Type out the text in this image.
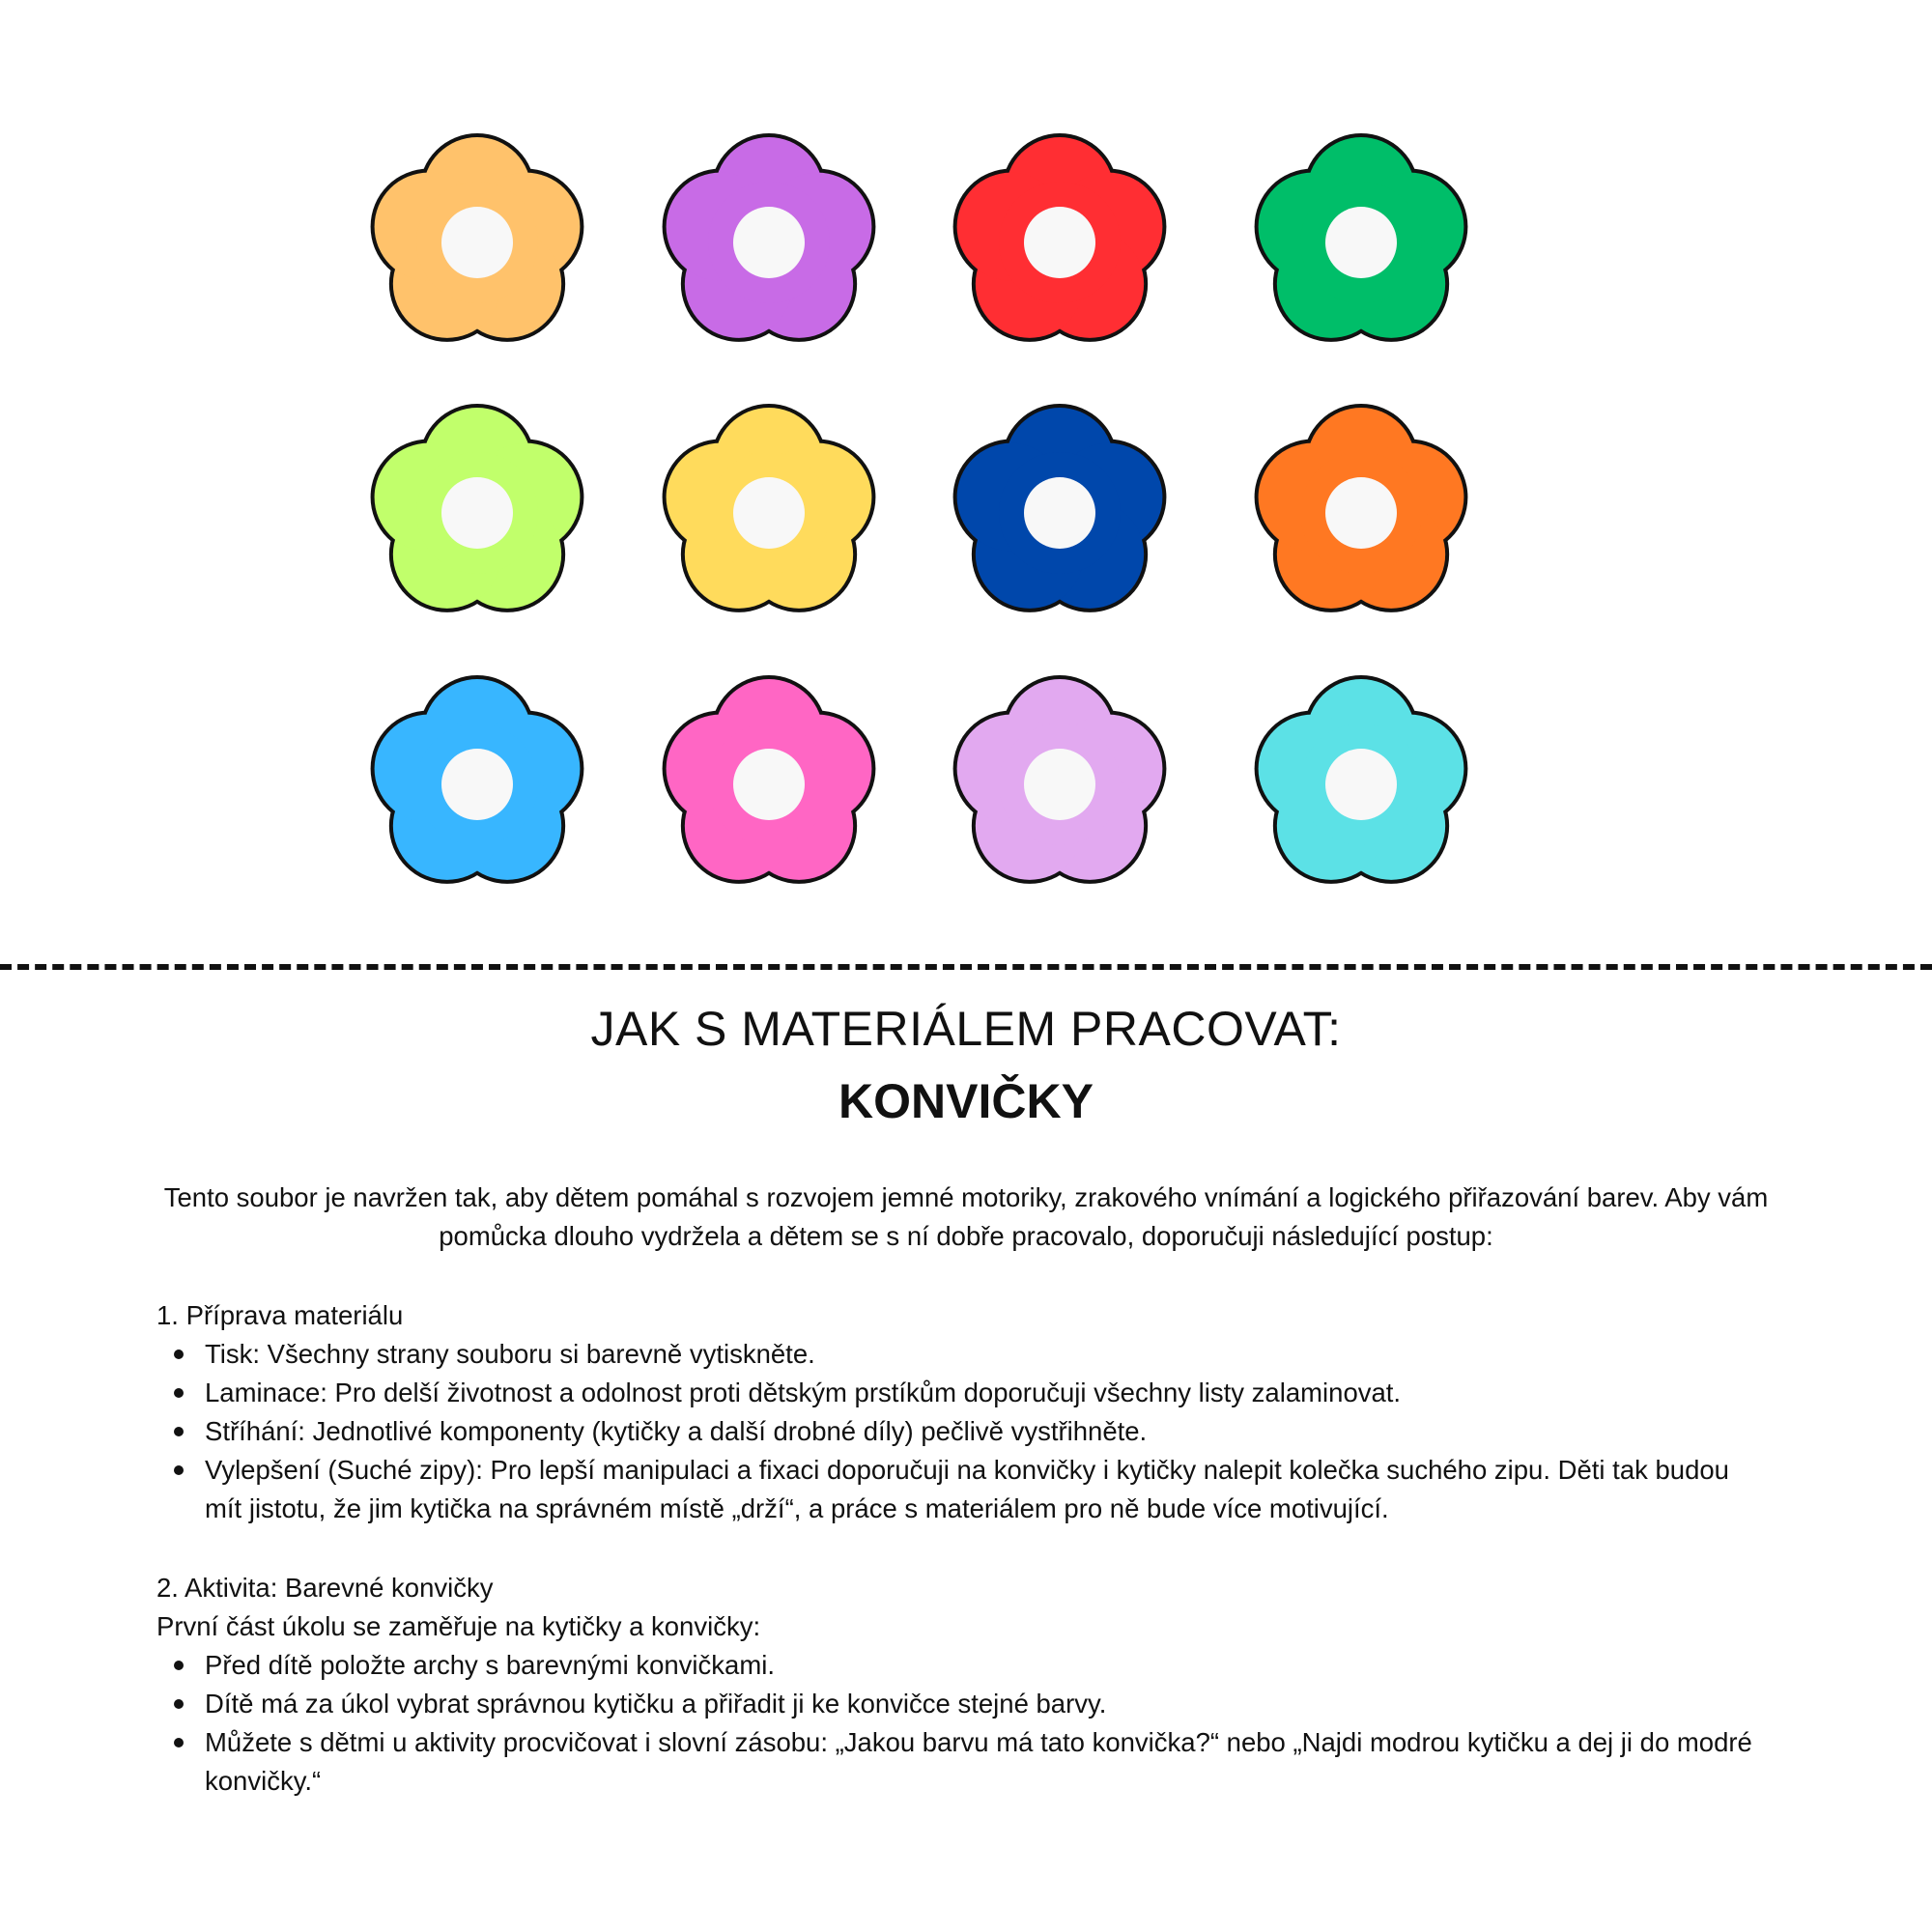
JAK S MATERIÁLEM PRACOVAT:
KONVIČKY

Tento soubor je navržen tak, aby dětem pomáhal s rozvojem jemné motoriky, zrakového vnímání a logického přiřazování barev. Aby vám pomůcka dlouho vydržela a dětem se s ní dobře pracovalo, doporučuji následující postup:

1. Příprava materiálu

Tisk: Všechny strany souboru si barevně vytiskněte.
Laminace: Pro delší životnost a odolnost proti dětským prstíkům doporučuji všechny listy zalaminovat.
Stříhání: Jednotlivé komponenty (kytičky a další drobné díly) pečlivě vystřihněte.
Vylepšení (Suché zipy): Pro lepší manipulaci a fixaci doporučuji na konvičky i kytičky nalepit kolečka suchého zipu. Děti tak budou mít jistotu, že jim kytička na správném místě „drží“, a práce s materiálem pro ně bude více motivující.

2. Aktivita: Barevné konvičky

První část úkolu se zaměřuje na kytičky a konvičky:

Před dítě položte archy s barevnými konvičkami.
Dítě má za úkol vybrat správnou kytičku a přiřadit ji ke konvičce stejné barvy.
Můžete s dětmi u aktivity procvičovat i slovní zásobu: „Jakou barvu má tato konvička?“ nebo „Najdi modrou kytičku a dej ji do modré konvičky.“
